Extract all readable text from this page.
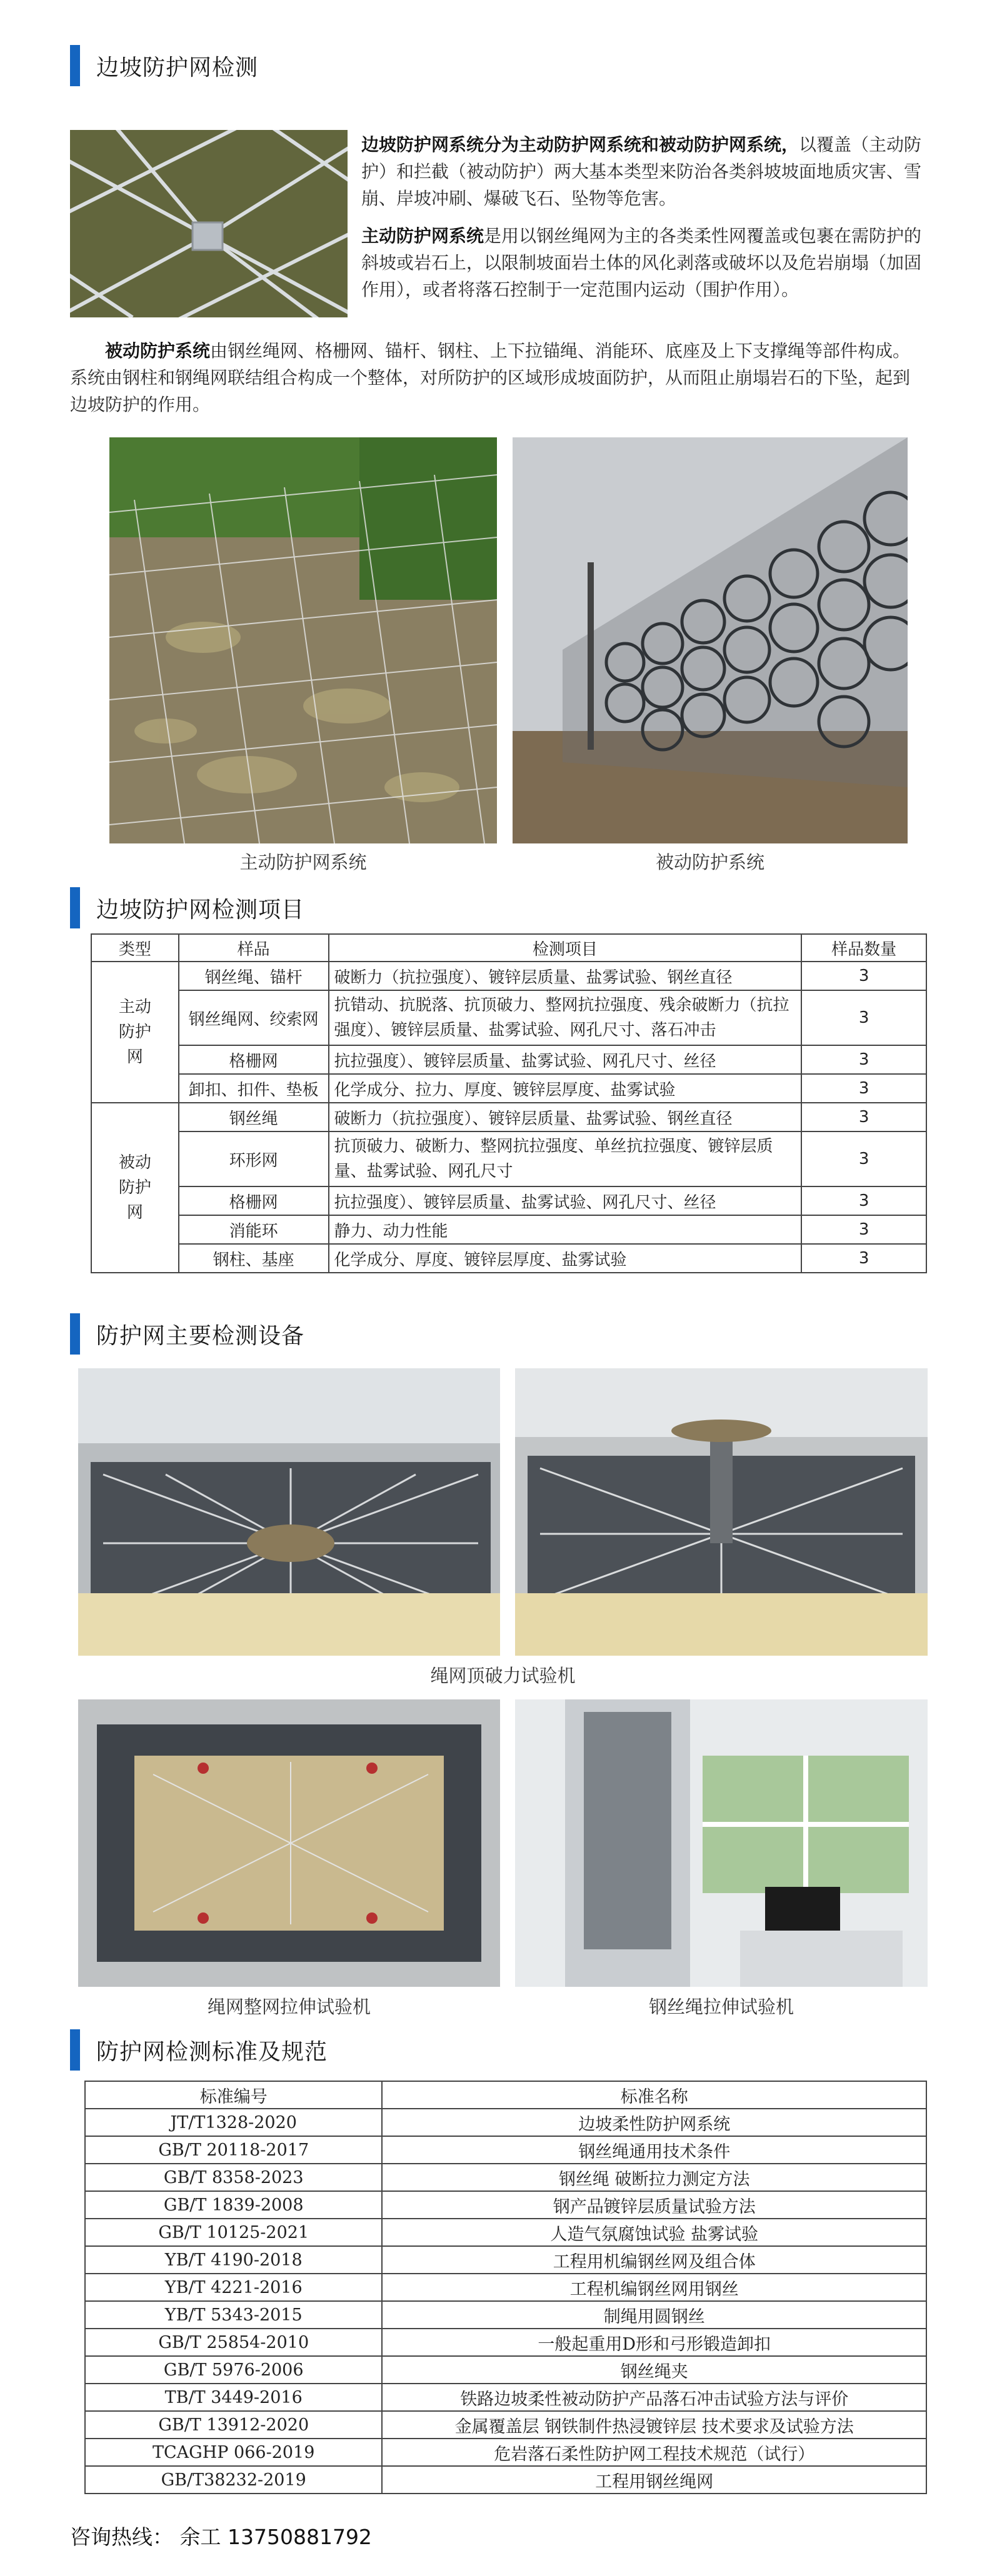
边坡防护网检测
边坡防护网系统分为主动防护网系统和被动防护网系统，以覆盖（主动防护）和拦截（被动防护）两大基本类型来防治各类斜坡坡面地质灾害、雪崩、岸坡冲刷、爆破飞石、坠物等危害。
主动防护网系统是用以钢丝绳网为主的各类柔性网覆盖或包裹在需防护的斜坡或岩石上，以限制坡面岩土体的风化剥落或破坏以及危岩崩塌（加固作用），或者将落石控制于一定范围内运动（围护作用）。
被动防护系统由钢丝绳网、格栅网、锚杆、钢柱、上下拉锚绳、消能环、底座及上下支撑绳等部件构成。系统由钢柱和钢绳网联结组合构成一个整体，对所防护的区域形成坡面防护，从而阻止崩塌岩石的下坠，起到边坡防护的作用。
主动防护网系统	被动防护系统
边坡防护网检测项目
类型	样品	检测项目	样品数量
主动
防护
网	钢丝绳、锚杆	破断力（抗拉强度）、镀锌层质量、盐雾试验、钢丝直径	3
	钢丝绳网、绞索网	抗错动、抗脱落、抗顶破力、整网抗拉强度、残余破断力（抗拉强度）、镀锌层质量、盐雾试验、网孔尺寸、落石冲击	3
	格栅网	抗拉强度）、镀锌层质量、盐雾试验、网孔尺寸、丝径	3
	卸扣、扣件、垫板	化学成分、拉力、厚度、镀锌层厚度、盐雾试验	3
被动
防护
网	钢丝绳	破断力（抗拉强度）、镀锌层质量、盐雾试验、钢丝直径	3
	环形网	抗顶破力、破断力、整网抗拉强度、单丝抗拉强度、镀锌层质量、盐雾试验、网孔尺寸	3
	格栅网	抗拉强度）、镀锌层质量、盐雾试验、网孔尺寸、丝径	3
	消能环	静力、动力性能	3
	钢柱、基座	化学成分、厚度、镀锌层厚度、盐雾试验	3
防护网主要检测设备
绳网顶破力试验机
绳网整网拉伸试验机	钢丝绳拉伸试验机
防护网检测标准及规范
标准编号	标准名称
JT/T1328-2020	边坡柔性防护网系统
GB/T 20118-2017	钢丝绳通用技术条件
GB/T 8358-2023	钢丝绳 破断拉力测定方法
GB/T 1839-2008	钢产品镀锌层质量试验方法
GB/T 10125-2021	人造气氛腐蚀试验 盐雾试验
YB/T 4190-2018	工程用机编钢丝网及组合体
YB/T 4221-2016	工程机编钢丝网用钢丝
YB/T 5343-2015	制绳用圆钢丝
GB/T 25854-2010	一般起重用D形和弓形锻造卸扣
GB/T 5976-2006	钢丝绳夹
TB/T 3449-2016	铁路边坡柔性被动防护产品落石冲击试验方法与评价
GB/T 13912-2020	金属覆盖层 钢铁制件热浸镀锌层 技术要求及试验方法
TCAGHP 066-2019	危岩落石柔性防护网工程技术规范（试行）
GB/T38232-2019	工程用钢丝绳网
咨询热线： 余工 13750881792
